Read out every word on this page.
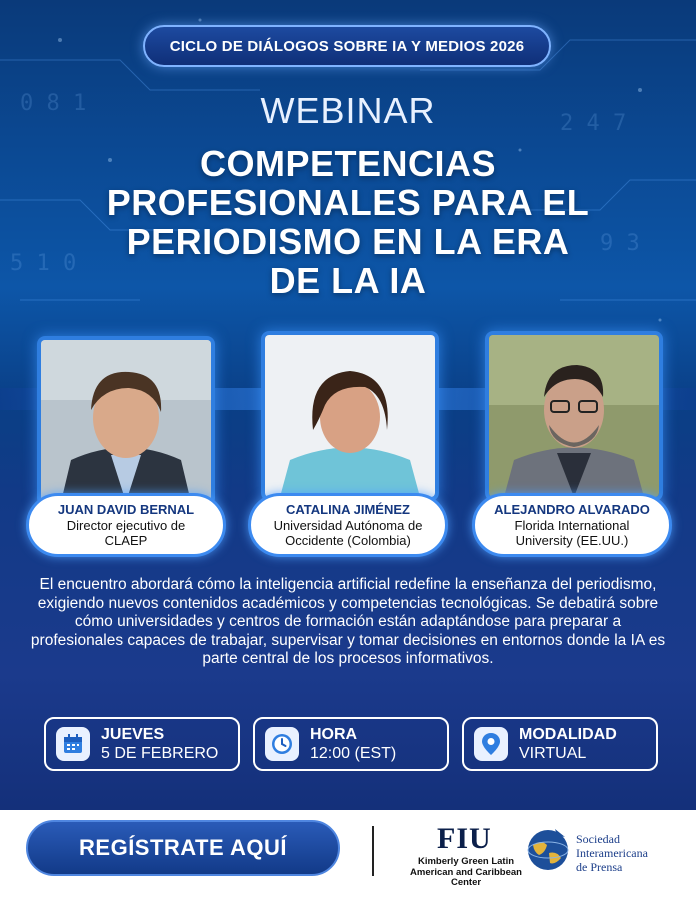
0 8 1
2 4 7
9 3
5 1 0
CICLO DE DIÁLOGOS SOBRE IA Y MEDIOS 2026
WEBINAR
COMPETENCIAS
PROFESIONALES PARA EL
PERIODISMO EN LA ERA
DE LA IA
JUAN DAVID BERNAL
Director ejecutivo de
CLAEP
CATALINA JIMÉNEZ
Universidad Autónoma de
Occidente (Colombia)
ALEJANDRO ALVARADO
Florida International
University (EE.UU.)
El encuentro abordará cómo la inteligencia artificial redefine la enseñanza del periodismo, exigiendo nuevos contenidos académicos y competencias tecnológicas. Se debatirá sobre cómo universidades y centros de formación están adaptándose para preparar a profesionales capaces de trabajar, supervisar y tomar decisiones en entornos donde la IA es parte central de los procesos informativos.
JUEVES
5 DE FEBRERO
HORA
12:00 (EST)
MODALIDAD
VIRTUAL
REGÍSTRATE AQUÍ	FIU
Kimberly Green Latin American and Caribbean Center
Sociedad
Interamericana
de Prensa
